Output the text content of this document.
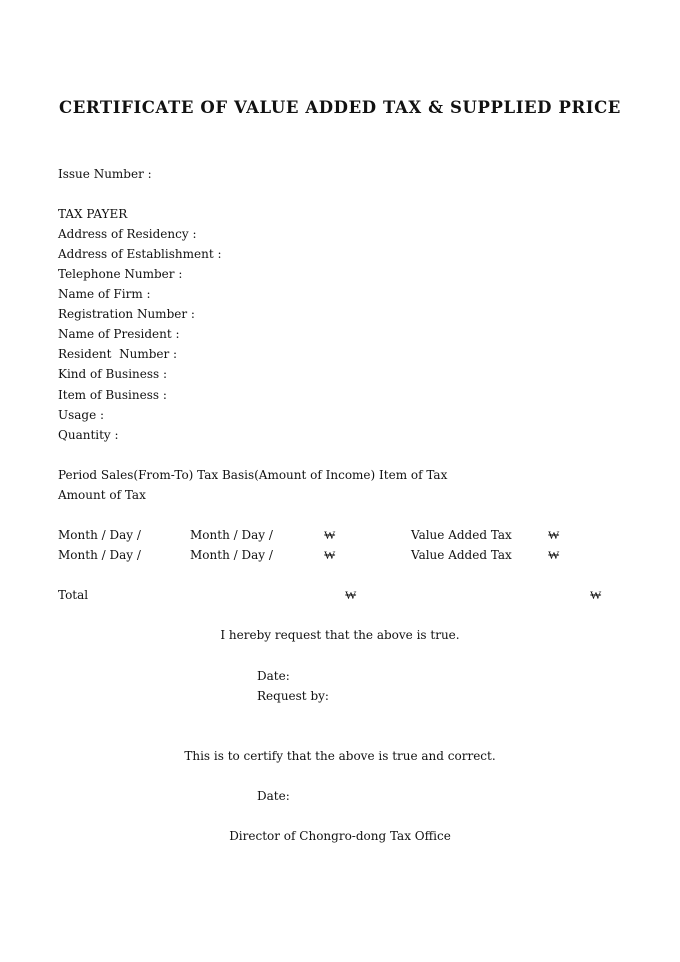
CERTIFICATE OF VALUE ADDED TAX & SUPPLIED PRICE
Issue Number :
TAX PAYER
Address of Residency :
Address of Establishment :
Telephone Number :
Name of Firm :
Registration Number :
Name of President :
Resident  Number :
Kind of Business :
Item of Business :
Usage :
Quantity :
Period Sales(From-To) Tax Basis(Amount of Income) Item of Tax
Amount of Tax
Month / Day /	Month / Day /	₩	Value Added Tax	₩
Month / Day /	Month / Day /	₩	Value Added Tax	₩
Total	₩	₩
I hereby request that the above is true.
Date:
Request by:
This is to certify that the above is true and correct.
Date:
Director of Chongro-dong Tax Office
